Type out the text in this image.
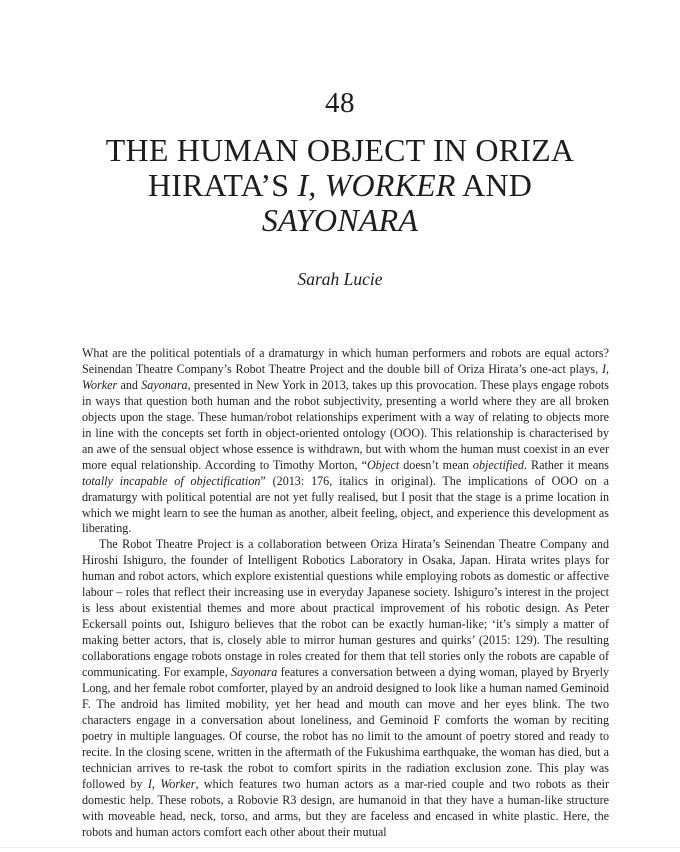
48
THE HUMAN OBJECT IN ORIZA
HIRATA’S I, WORKER AND
SAYONARA
Sarah Lucie

What are the political potentials of a dramaturgy in which human performers and robots are equal actors? Seinendan Theatre Company’s Robot Theatre Project and the double bill of Oriza Hirata’s one-act plays, I, Worker and Sayonara, presented in New York in 2013, takes up this provocation. These plays engage robots in ways that question both human and the robot subjectivity, presenting a world where they are all broken objects upon the stage. These human/robot relationships experiment with a way of relating to objects more in line with the concepts set forth in object-oriented ontology (OOO). This relationship is characterised by an awe of the sensual object whose essence is withdrawn, but with whom the human must coexist in an ever more equal relationship. According to Timothy Morton, “Object doesn’t mean objectified. Rather it means totally incapable of objectification” (2013: 176, italics in original). The implications of OOO on a dramaturgy with political potential are not yet fully realised, but I posit that the stage is a prime location in which we might learn to see the human as another, albeit feeling, object, and experience this development as liberating.

The Robot Theatre Project is a collaboration between Oriza Hirata’s Seinendan Theatre Company and Hiroshi Ishiguro, the founder of Intelligent Robotics Laboratory in Osaka, Japan. Hirata writes plays for human and robot actors, which explore existential questions while employing robots as domestic or affective labour – roles that reflect their increasing use in everyday Japanese society. Ishiguro’s interest in the project is less about existential themes and more about practical improvement of his robotic design. As Peter Eckersall points out, Ishiguro believes that the robot can be exactly human-like; ‘it’s simply a matter of making better actors, that is, closely able to mirror human gestures and quirks’ (2015: 129). The resulting collaborations engage robots onstage in roles created for them that tell stories only the robots are capable of communicating. For example, Sayonara features a conversation between a dying woman, played by Bryerly Long, and her female robot comforter, played by an android designed to look like a human named Geminoid F. The android has limited mobility, yet her head and mouth can move and her eyes blink. The two characters engage in a conversation about loneliness, and Geminoid F comforts the woman by reciting poetry in multiple languages. Of course, the robot has no limit to the amount of poetry stored and ready to recite. In the closing scene, written in the aftermath of the Fukushima earthquake, the woman has died, but a technician arrives to re-task the robot to comfort spirits in the radiation exclusion zone. This play was followed by I, Worker, which features two human actors as a mar-ried couple and two robots as their domestic help. These robots, a Robovie R3 design, are humanoid in that they have a human-like structure with moveable head, neck, torso, and arms, but they are faceless and encased in white plastic. Here, the robots and human actors comfort each other about their mutual
